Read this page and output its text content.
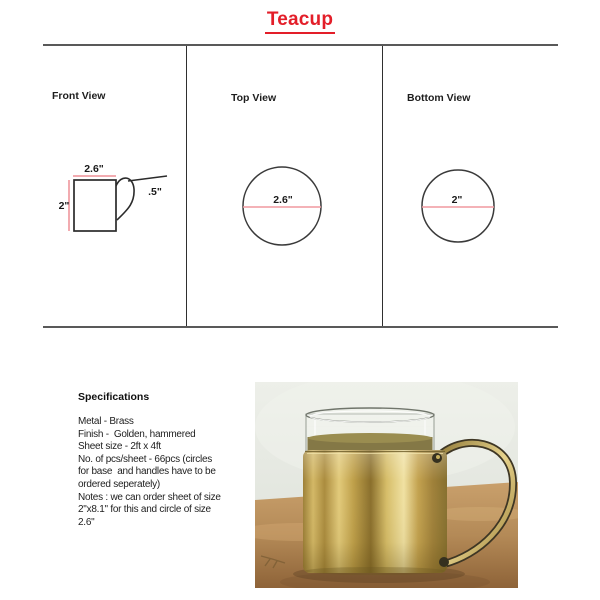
Teacup
Front View
2.6"
2"
.5"
Top View
2.6"
Bottom View
2"
Specifications
Metal - Brass
Finish -  Golden, hammered
Sheet size - 2ft x 4ft
No. of pcs/sheet - 66pcs (circles
for base  and handles have to be
ordered seperately)
Notes : we can order sheet of size
2"x8.1" for this and circle of size
2.6"
